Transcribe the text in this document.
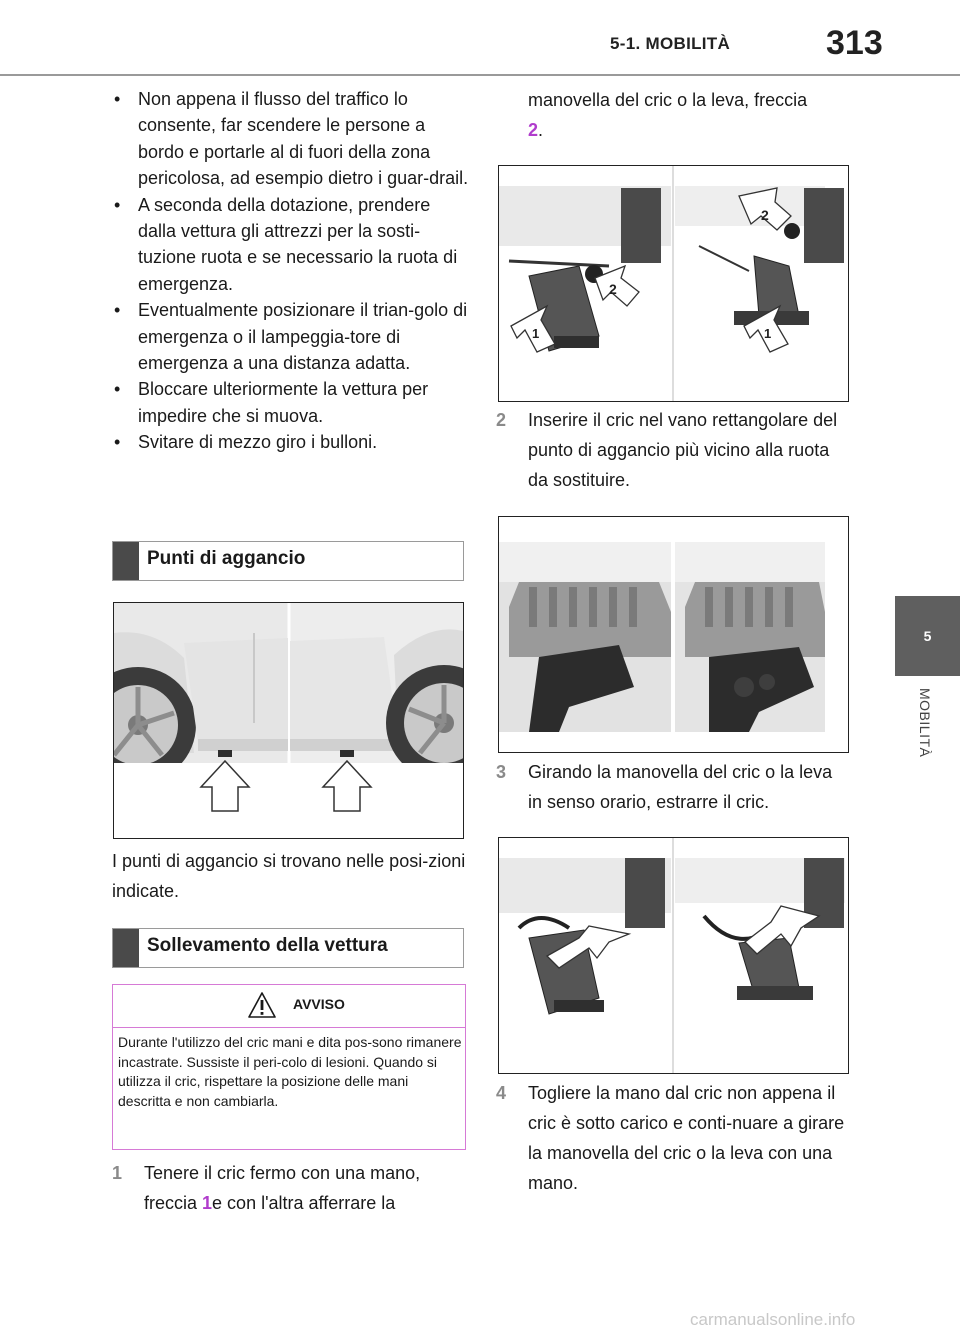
5-1. MOBILITÀ	313
5
MOBILITÀ
• Non appena il flusso del traffico lo consente, far scendere le persone a bordo e portarle al di fuori della zona pericolosa, ad esempio dietro i guar-drail.
• A seconda della dotazione, prendere dalla vettura gli attrezzi per la sosti-tuzione ruota e se necessario la ruota di emergenza.
• Eventualmente posizionare il trian-golo di emergenza o il lampeggia-tore di emergenza a una distanza adatta.
• Bloccare ulteriormente la vettura per impedire che si muova.
• Svitare di mezzo giro i bulloni.
Punti di aggancio
I punti di aggancio si trovano nelle posi-zioni indicate.
Sollevamento della vettura
AVVISO
Durante l'utilizzo del cric mani e dita pos-sono rimanere incastrate. Sussiste il peri-colo di lesioni. Quando si utilizza il cric, rispettare la posizione delle mani descritta e non cambiarla.
1 Tenere il cric fermo con una mano, freccia 1e con l'altra afferrare la
manovella del cric o la leva, freccia
2.
1	1
2
2
2 Inserire il cric nel vano rettangolare del punto di aggancio più vicino alla ruota da sostituire.
3 Girando la manovella del cric o la leva in senso orario, estrarre il cric.
4 Togliere la mano dal cric non appena il cric è sotto carico e conti-nuare a girare la manovella del cric o la leva con una mano.
carmanualsonline.info
